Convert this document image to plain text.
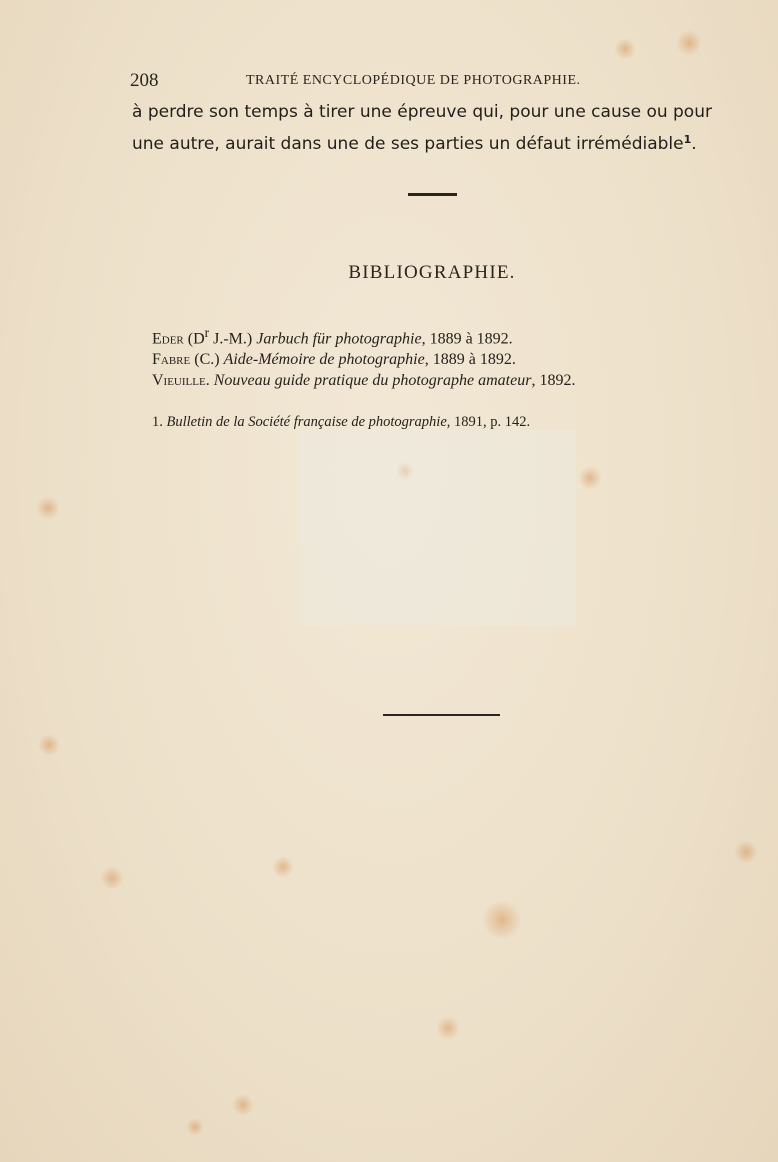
208	TRAITÉ ENCYCLOPÉDIQUE DE PHOTOGRAPHIE.

à perdre son temps à tirer une épreuve qui, pour une cause ou pour

une autre, aurait dans une de ses parties un défaut irrémédiable$^1$.

BIBLIOGRAPHIE.
Eder ($D^r$ J.-M.) Jarbuch für photographie, 1889 à 1892.
Fabre (C.) Aide-Mémoire de photographie, 1889 à 1892.
Vieuille. Nouveau guide pratique du photographe amateur, 1892.
1. Bulletin de la Société française de photographie, 1891, p. 142.
